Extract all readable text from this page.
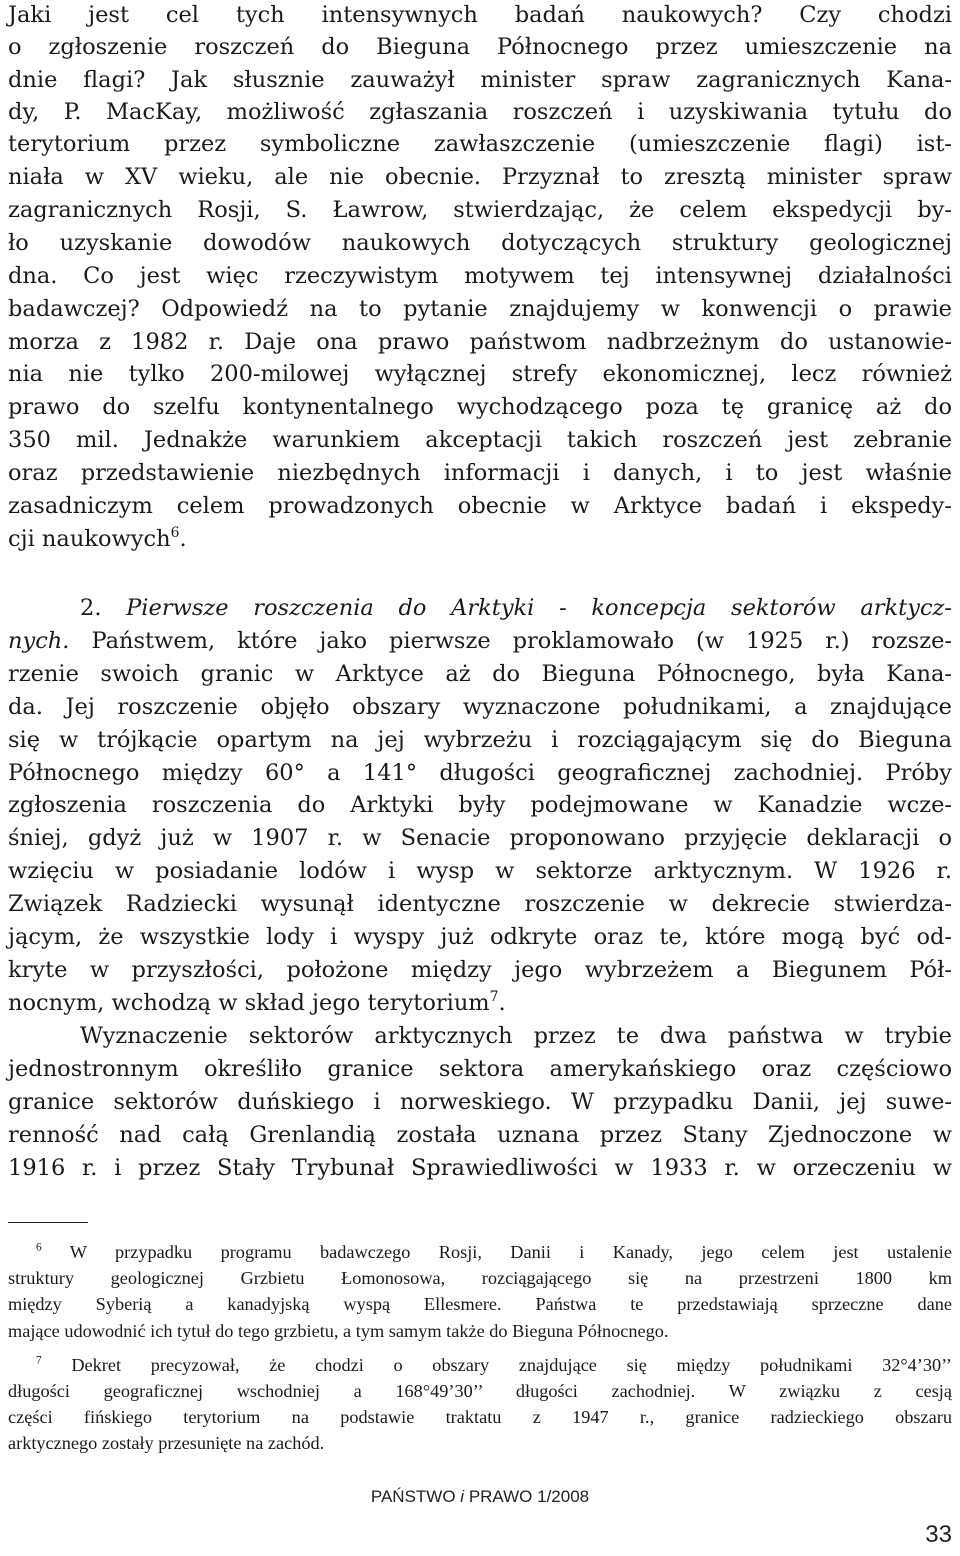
Jaki jest cel tych intensywnych badań naukowych? Czy chodzi
o zgłoszenie roszczeń do Bieguna Północnego przez umieszczenie na
dnie flagi? Jak słusznie zauważył minister spraw zagranicznych Kana-
dy, P. MacKay, możliwość zgłaszania roszczeń i uzyskiwania tytułu do
terytorium przez symboliczne zawłaszczenie (umieszczenie flagi) ist-
niała w XV wieku, ale nie obecnie. Przyznał to zresztą minister spraw
zagranicznych Rosji, S. Ławrow, stwierdzając, że celem ekspedycji by-
ło uzyskanie dowodów naukowych dotyczących struktury geologicznej
dna. Co jest więc rzeczywistym motywem tej intensywnej działalności
badawczej? Odpowiedź na to pytanie znajdujemy w konwencji o prawie
morza z 1982 r. Daje ona prawo państwom nadbrzeżnym do ustanowie-
nia nie tylko 200-milowej wyłącznej strefy ekonomicznej, lecz również
prawo do szelfu kontynentalnego wychodzącego poza tę granicę aż do
350 mil. Jednakże warunkiem akceptacji takich roszczeń jest zebranie
oraz przedstawienie niezbędnych informacji i danych, i to jest właśnie
zasadniczym celem prowadzonych obecnie w Arktyce badań i ekspedy-
cji naukowych$^6$.
2. Pierwsze roszczenia do Arktyki - koncepcja sektorów arktycz-
nych. Państwem, które jako pierwsze proklamowało (w 1925 r.) rozsze-
rzenie swoich granic w Arktyce aż do Bieguna Północnego, była Kana-
da. Jej roszczenie objęło obszary wyznaczone południkami, a znajdujące
się w trójkącie opartym na jej wybrzeżu i rozciągającym się do Bieguna
Północnego między 60° a 141° długości geograficznej zachodniej. Próby
zgłoszenia roszczenia do Arktyki były podejmowane w Kanadzie wcze-
śniej, gdyż już w 1907 r. w Senacie proponowano przyjęcie deklaracji o
wzięciu w posiadanie lodów i wysp w sektorze arktycznym. W 1926 r.
Związek Radziecki wysunął identyczne roszczenie w dekrecie stwierdza-
jącym, że wszystkie lody i wyspy już odkryte oraz te, które mogą być od-
kryte w przyszłości, położone między jego wybrzeżem a Biegunem Pół-
nocnym, wchodzą w skład jego terytorium$^7$.
Wyznaczenie sektorów arktycznych przez te dwa państwa w trybie
jednostronnym określiło granice sektora amerykańskiego oraz częściowo
granice sektorów duńskiego i norweskiego. W przypadku Danii, jej suwe-
renność nad całą Grenlandią została uznana przez Stany Zjednoczone w
1916 r. i przez Stały Trybunał Sprawiedliwości w 1933 r. w orzeczeniu w
$^6$ W przypadku programu badawczego Rosji, Danii i Kanady, jego celem jest ustalenie
struktury geologicznej Grzbietu Łomonosowa, rozciągającego się na przestrzeni 1800 km
między Syberią a kanadyjską wyspą Ellesmere. Państwa te przedstawiają sprzeczne dane
mające udowodnić ich tytuł do tego grzbietu, a tym samym także do Bieguna Północnego.
$^7$ Dekret precyzował, że chodzi o obszary znajdujące się między południkami 32°4’30’’
długości geograficznej wschodniej a 168°49’30’’ długości zachodniej. W związku z cesją
części fińskiego terytorium na podstawie traktatu z 1947 r., granice radzieckiego obszaru
arktycznego zostały przesunięte na zachód.
PAŃSTWO i PRAWO 1/2008
33
